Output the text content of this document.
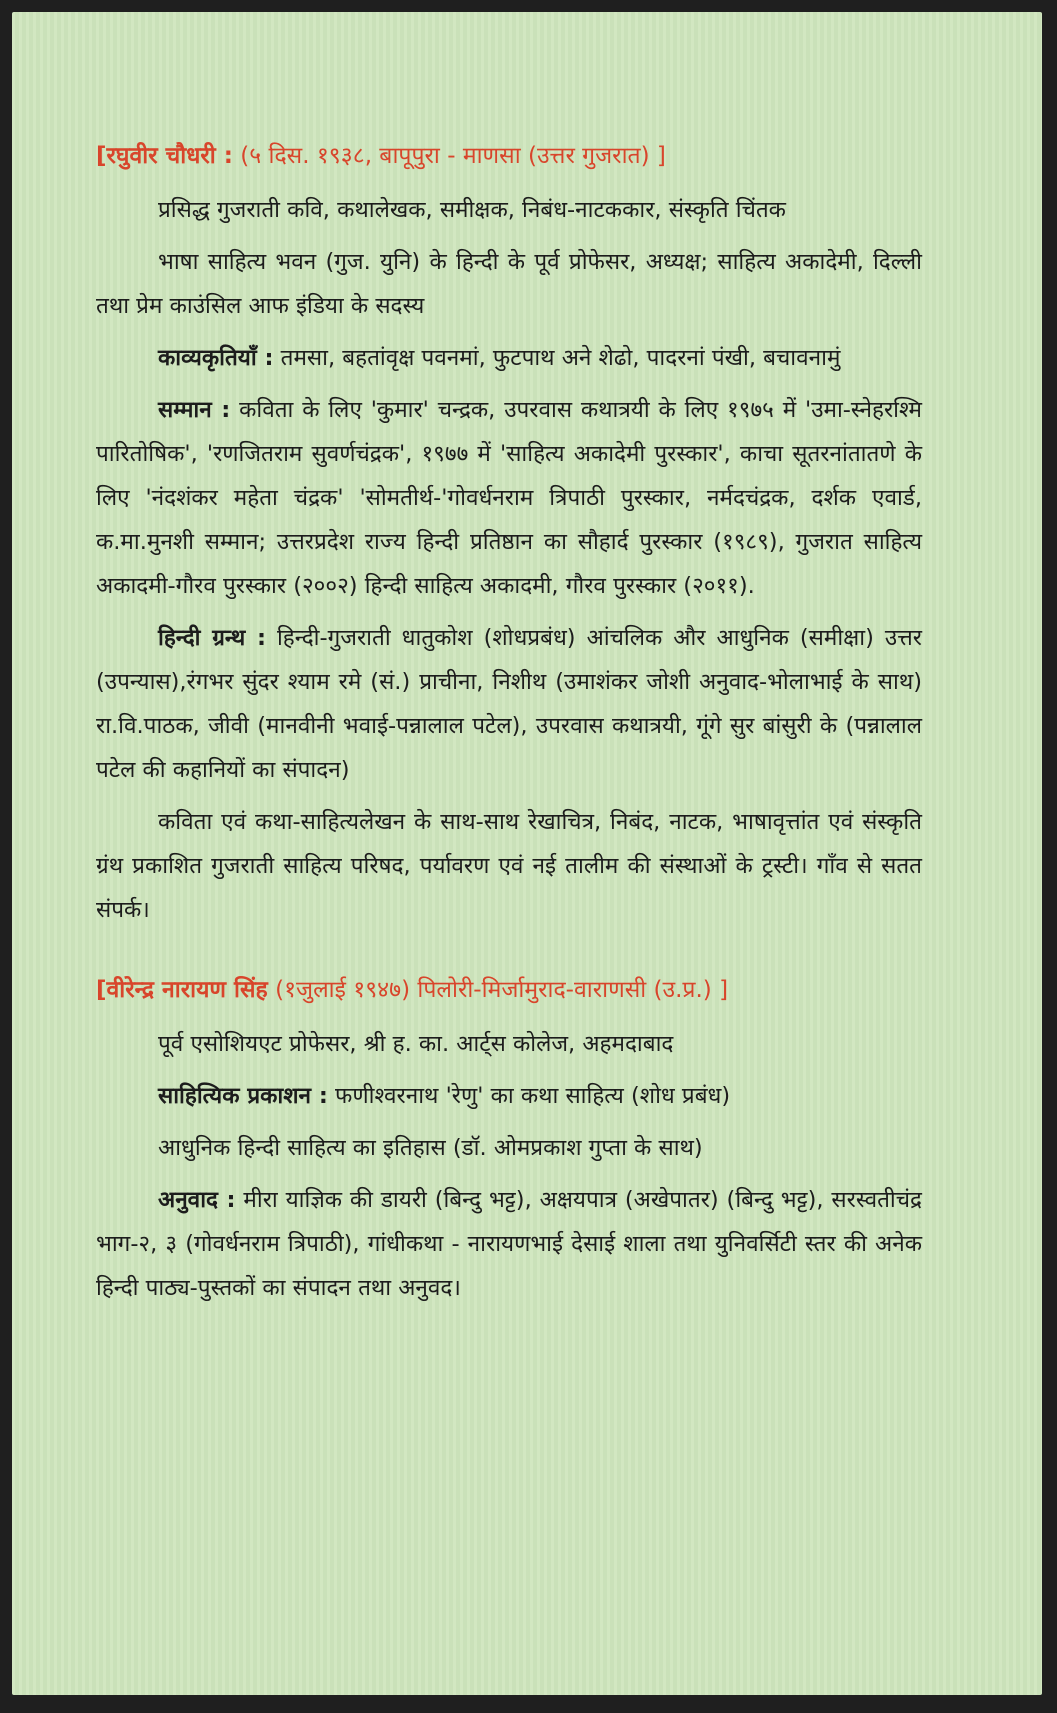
[रघुवीर चौधरी : (५ दिस. १९३८, बापूपुरा - माणसा (उत्तर गुजरात) ]

प्रसिद्ध गुजराती कवि, कथालेखक, समीक्षक, निबंध-नाटककार, संस्कृति चिंतक

भाषा साहित्य भवन (गुज. युनि) के हिन्दी के पूर्व प्रोफेसर, अध्यक्ष; साहित्य अकादेमी, दिल्ली तथा प्रेम काउंसिल आफ इंडिया के सदस्य

काव्यकृतियाँ : तमसा, बहतांवृक्ष पवनमां, फुटपाथ अने शेढो, पादरनां पंखी, बचावनामुं

सम्मान : कविता के लिए 'कुमार' चन्द्रक, उपरवास कथात्रयी के लिए १९७५ में 'उमा-स्नेहरश्मि पारितोषिक', 'रणजितराम सुवर्णचंद्रक', १९७७ में 'साहित्य अकादेमी पुरस्कार', काचा सूतरनांतातणे के लिए 'नंदशंकर महेता चंद्रक' 'सोमतीर्थ-'गोवर्धनराम त्रिपाठी पुरस्कार, नर्मदचंद्रक, दर्शक एवार्ड, क.मा.मुनशी सम्मान; उत्तरप्रदेश राज्य हिन्दी प्रतिष्ठान का सौहार्द पुरस्कार (१९८९), गुजरात साहित्य अकादमी-गौरव पुरस्कार (२००२) हिन्दी साहित्य अकादमी, गौरव पुरस्कार (२०११).

हिन्दी ग्रन्थ : हिन्दी-गुजराती धातुकोश (शोधप्रबंध) आंचलिक और आधुनिक (समीक्षा) उत्तर (उपन्यास),रंगभर सुंदर श्याम रमे (सं.) प्राचीना, निशीथ (उमाशंकर जोशी अनुवाद-भोलाभाई के साथ) रा.वि.पाठक, जीवी (मानवीनी भवाई-पन्नालाल पटेल), उपरवास कथात्रयी, गूंगे सुर बांसुरी के (पन्नालाल पटेल की कहानियों का संपादन)

कविता एवं कथा-साहित्यलेखन के साथ-साथ रेखाचित्र, निबंद, नाटक, भाषावृत्तांत एवं संस्कृति ग्रंथ प्रकाशित गुजराती साहित्य परिषद, पर्यावरण एवं नई तालीम की संस्थाओं के ट्रस्टी। गाँव से सतत संपर्क।

[वीरेन्द्र नारायण सिंह (१जुलाई १९४७) पिलोरी-मिर्जामुराद-वाराणसी (उ.प्र.) ]

पूर्व एसोशियएट प्रोफेसर, श्री ह. का. आर्ट्स कोलेज, अहमदाबाद

साहित्यिक प्रकाशन : फणीश्वरनाथ 'रेणु' का कथा साहित्य (शोध प्रबंध)

आधुनिक हिन्दी साहित्य का इतिहास (डॉ. ओमप्रकाश गुप्ता के साथ)

अनुवाद : मीरा याज्ञिक की डायरी (बिन्दु भट्ट), अक्षयपात्र (अखेपातर) (बिन्दु भट्ट), सरस्वतीचंद्र भाग-२, ३ (गोवर्धनराम त्रिपाठी), गांधीकथा - नारायणभाई देसाई शाला तथा युनिवर्सिटी स्तर की अनेक हिन्दी पाठ्य-पुस्तकों का संपादन तथा अनुवद।
